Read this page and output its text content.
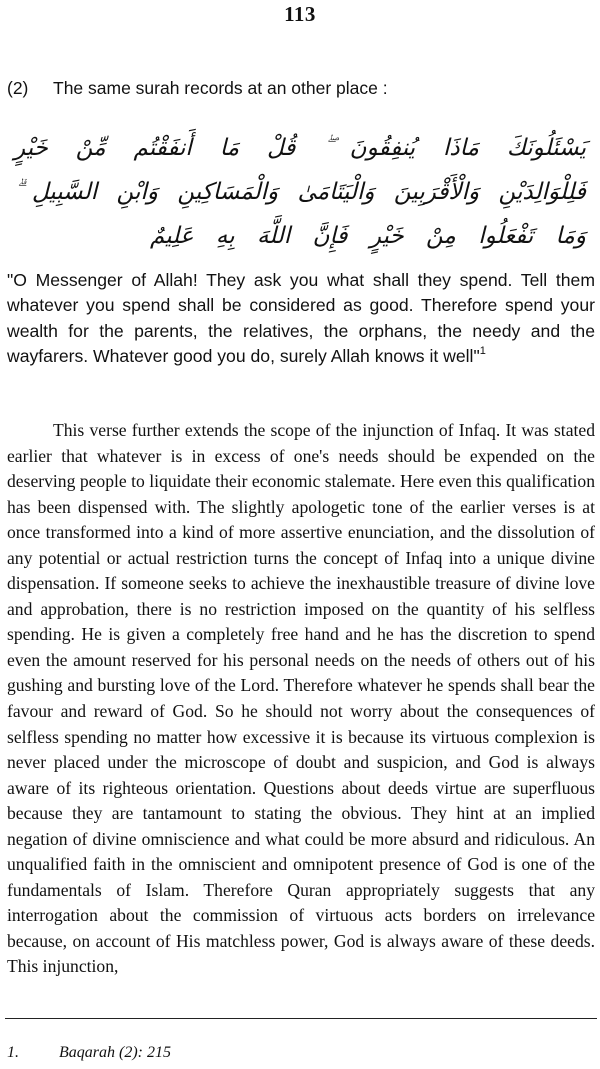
113
(2) The same surah records at an other place :
يَسْئَلُونَكَ مَاذَا يُنفِقُونَ ۖ قُلْ مَا أَنفَقْتُم مِّنْ خَيْرٍ
فَلِلْوَالِدَيْنِ وَالْأَقْرَبِينَ وَالْيَتَامَىٰ وَالْمَسَاكِينِ وَابْنِ السَّبِيلِ ۗ
وَمَا تَفْعَلُوا مِنْ خَيْرٍ فَإِنَّ اللَّهَ بِهِ عَلِيمٌ
"O Messenger of Allah! They ask you what shall they spend. Tell them whatever you spend shall be considered as good. Therefore spend your wealth for the parents, the relatives, the orphans, the needy and the wayfarers. Whatever good you do, surely Allah knows it well"$^1$
This verse further extends the scope of the injunction of Infaq. It was stated earlier that whatever is in excess of one's needs should be expended on the deserving people to liquidate their economic stalemate. Here even this qualification has been dispensed with. The slightly apologetic tone of the earlier verses is at once transformed into a kind of more assertive enunciation, and the dissolution of any potential or actual restriction turns the concept of Infaq into a unique divine dispensation. If someone seeks to achieve the inexhaustible treasure of divine love and approbation, there is no restriction imposed on the quantity of his selfless spending. He is given a completely free hand and he has the discretion to spend even the amount reserved for his personal needs on the needs of others out of his gushing and bursting love of the Lord. Therefore whatever he spends shall bear the favour and reward of God. So he should not worry about the consequences of selfless spending no matter how excessive it is because its virtuous complexion is never placed under the microscope of doubt and suspicion, and God is always aware of its righteous orientation. Questions about deeds virtue are superfluous because they are tantamount to stating the obvious. They hint at an implied negation of divine omniscience and what could be more absurd and ridiculous. An unqualified faith in the omniscient and omnipotent presence of God is one of the fundamentals of Islam. Therefore Quran appropriately suggests that any interrogation about the commission of virtuous acts borders on irrelevance because, on account of His matchless power, God is always aware of these deeds. This injunction,
1.	Baqarah (2): 215
